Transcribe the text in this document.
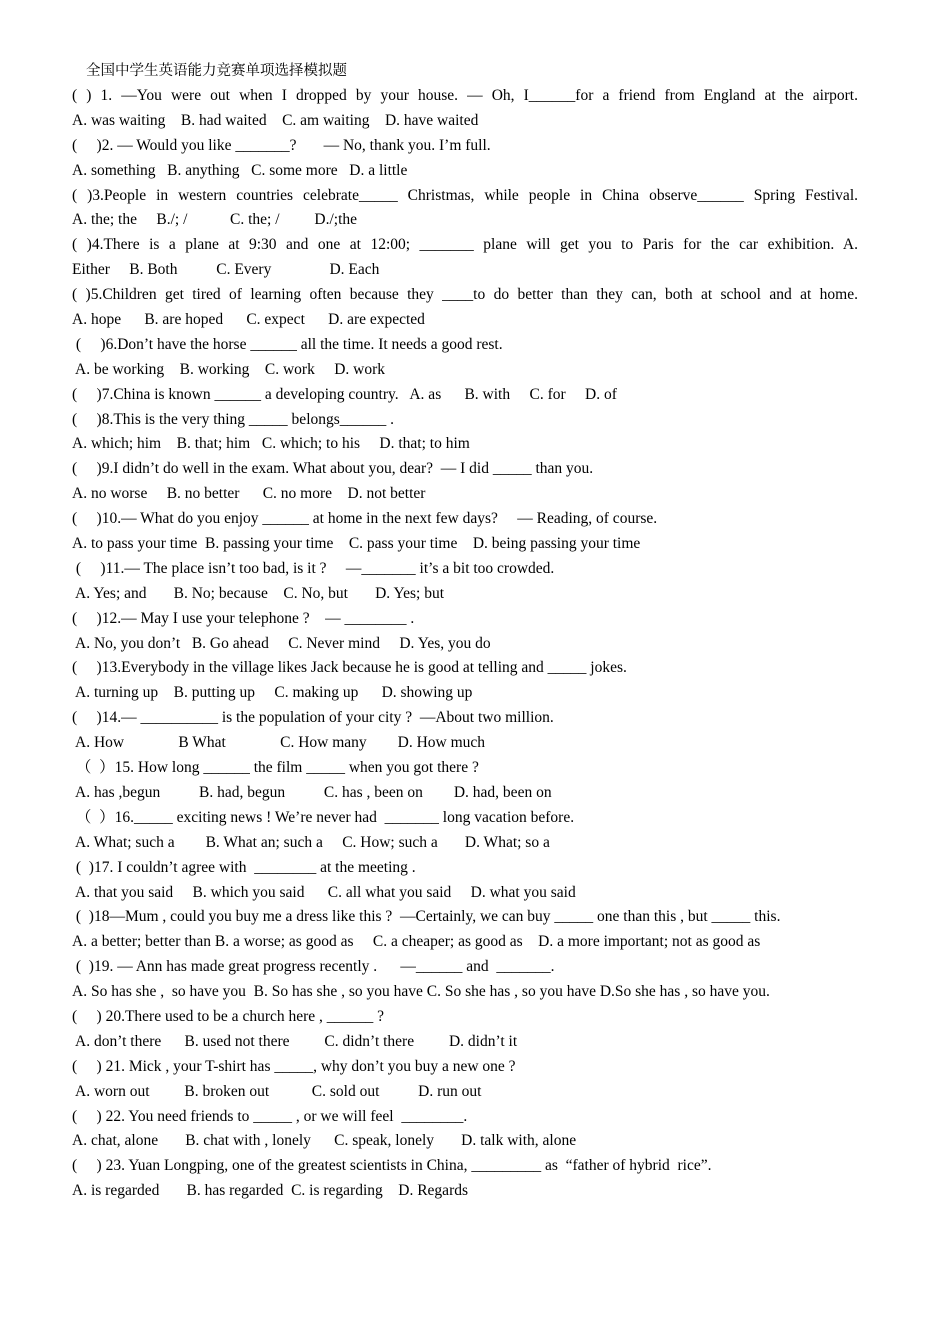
全国中学生英语能力竞赛单项选择模拟题
( ) 1. —You were out when I dropped by your house. — Oh, I______for a friend from England at the airport.
A. was waiting    B. had waited    C. am waiting    D. have waited
(     )2. — Would you like _______?       — No, thank you. I’m full.
A. something   B. anything   C. some more   D. a little
( )3.People in western countries celebrate_____ Christmas, while people in China observe______ Spring Festival.
A. the; the     B./; /           C. the; /         D./;the
( )4.There is a plane at 9:30 and one at 12:00; _______ plane will get you to Paris for the car exhibition. A.
Either     B. Both          C. Every               D. Each
( )5.Children get tired of learning often because they ____to do better than they can, both at school and at home.
A. hope      B. are hoped      C. expect      D. are expected
(     )6.Don’t have the horse ______ all the time. It needs a good rest.
A. be working    B. working    C. work     D. work
(     )7.China is known ______ a developing country.   A. as      B. with     C. for     D. of
(     )8.This is the very thing _____ belongs______ .
A. which; him    B. that; him   C. which; to his     D. that; to him
(     )9.I didn’t do well in the exam. What about you, dear?  — I did _____ than you.
A. no worse     B. no better      C. no more    D. not better
(     )10.— What do you enjoy ______ at home in the next few days?     — Reading, of course.
A. to pass your time  B. passing your time    C. pass your time    D. being passing your time
(     )11.— The place isn’t too bad, is it ?     —_______ it’s a bit too crowded.
A. Yes; and       B. No; because    C. No, but       D. Yes; but
(     )12.— May I use your telephone ?    — ________ .
A. No, you don’t   B. Go ahead     C. Never mind     D. Yes, you do
(     )13.Everybody in the village likes Jack because he is good at telling and _____ jokes.
A. turning up    B. putting up     C. making up      D. showing up
(     )14.— __________ is the population of your city ?  —About two million.
A. How              B What              C. How many        D. How much
（  ）15. How long ______ the film _____ when you got there ?
A. has ,begun          B. had, begun          C. has , been on        D. had, been on
（  ）16._____ exciting news ! We’re never had  _______ long vacation before.
A. What; such a        B. What an; such a     C. How; such a       D. What; so a
(  )17. I couldn’t agree with  ________ at the meeting .
A. that you said     B. which you said      C. all what you said     D. what you said
(  )18—Mum , could you buy me a dress like this ?  —Certainly, we can buy _____ one than this , but _____ this.
A. a better; better than B. a worse; as good as     C. a cheaper; as good as    D. a more important; not as good as
(  )19. — Ann has made great progress recently .      —______ and  _______.
A. So has she ,  so have you  B. So has she , so you have C. So she has , so you have D.So she has , so have you.
(     ) 20.There used to be a church here , ______ ?
A. don’t there      B. used not there         C. didn’t there         D. didn’t it
(     ) 21. Mick , your T-shirt has _____, why don’t you buy a new one ?
A. worn out         B. broken out           C. sold out          D. run out
(     ) 22. You need friends to _____ , or we will feel  ________.
A. chat, alone       B. chat with , lonely      C. speak, lonely       D. talk with, alone
(     ) 23. Yuan Longping, one of the greatest scientists in China, _________ as  “father of hybrid  rice”.
A. is regarded       B. has regarded  C. is regarding    D. Regards
